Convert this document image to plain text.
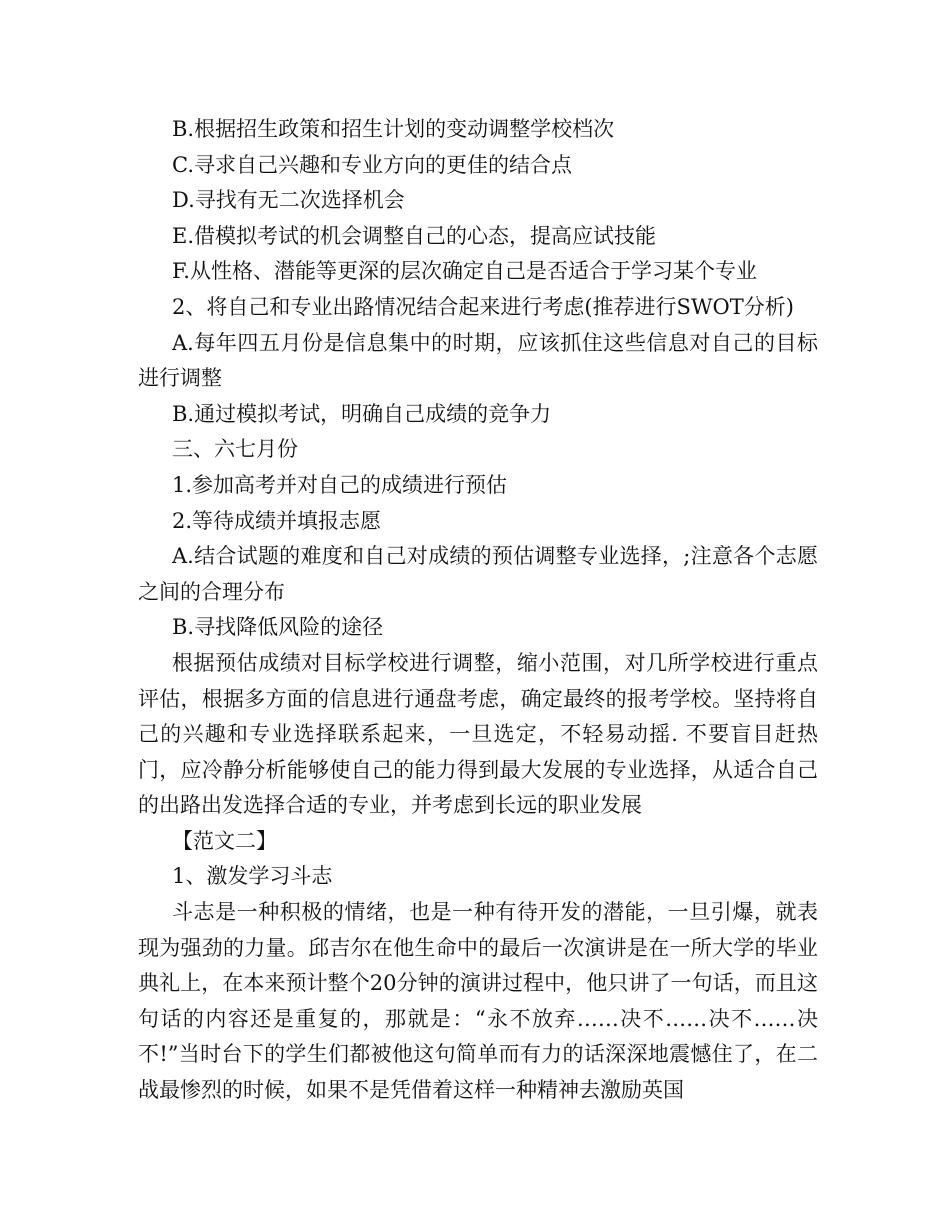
B.根据招生政策和招生计划的变动调整学校档次

C.寻求自己兴趣和专业方向的更佳的结合点

D.寻找有无二次选择机会

E.借模拟考试的机会调整自己的心态，提高应试技能

F.从性格、潜能等更深的层次确定自己是否适合于学习某个专业

2、将自己和专业出路情况结合起来进行考虑(推荐进行SWOT分析)

A.每年四五月份是信息集中的时期，应该抓住这些信息对自己的目标进行调整

B.通过模拟考试，明确自己成绩的竞争力

三、六七月份

1.参加高考并对自己的成绩进行预估

2.等待成绩并填报志愿

A.结合试题的难度和自己对成绩的预估调整专业选择，;注意各个志愿之间的合理分布

B.寻找降低风险的途径

根据预估成绩对目标学校进行调整，缩小范围，对几所学校进行重点评估，根据多方面的信息进行通盘考虑，确定最终的报考学校。坚持将自己的兴趣和专业选择联系起来，一旦选定，不轻易动摇. 不要盲目赶热门，应冷静分析能够使自己的能力得到最大发展的专业选择，从适合自己的出路出发选择合适的专业，并考虑到长远的职业发展

【范文二】

1、激发学习斗志

斗志是一种积极的情绪，也是一种有待开发的潜能，一旦引爆，就表现为强劲的力量。邱吉尔在他生命中的最后一次演讲是在一所大学的毕业典礼上，在本来预计整个20分钟的演讲过程中，他只讲了一句话，而且这句话的内容还是重复的，那就是：“永不放弃……决不……决不……决不!”当时台下的学生们都被他这句简单而有力的话深深地震憾住了，在二战最惨烈的时候，如果不是凭借着这样一种精神去激励英国
